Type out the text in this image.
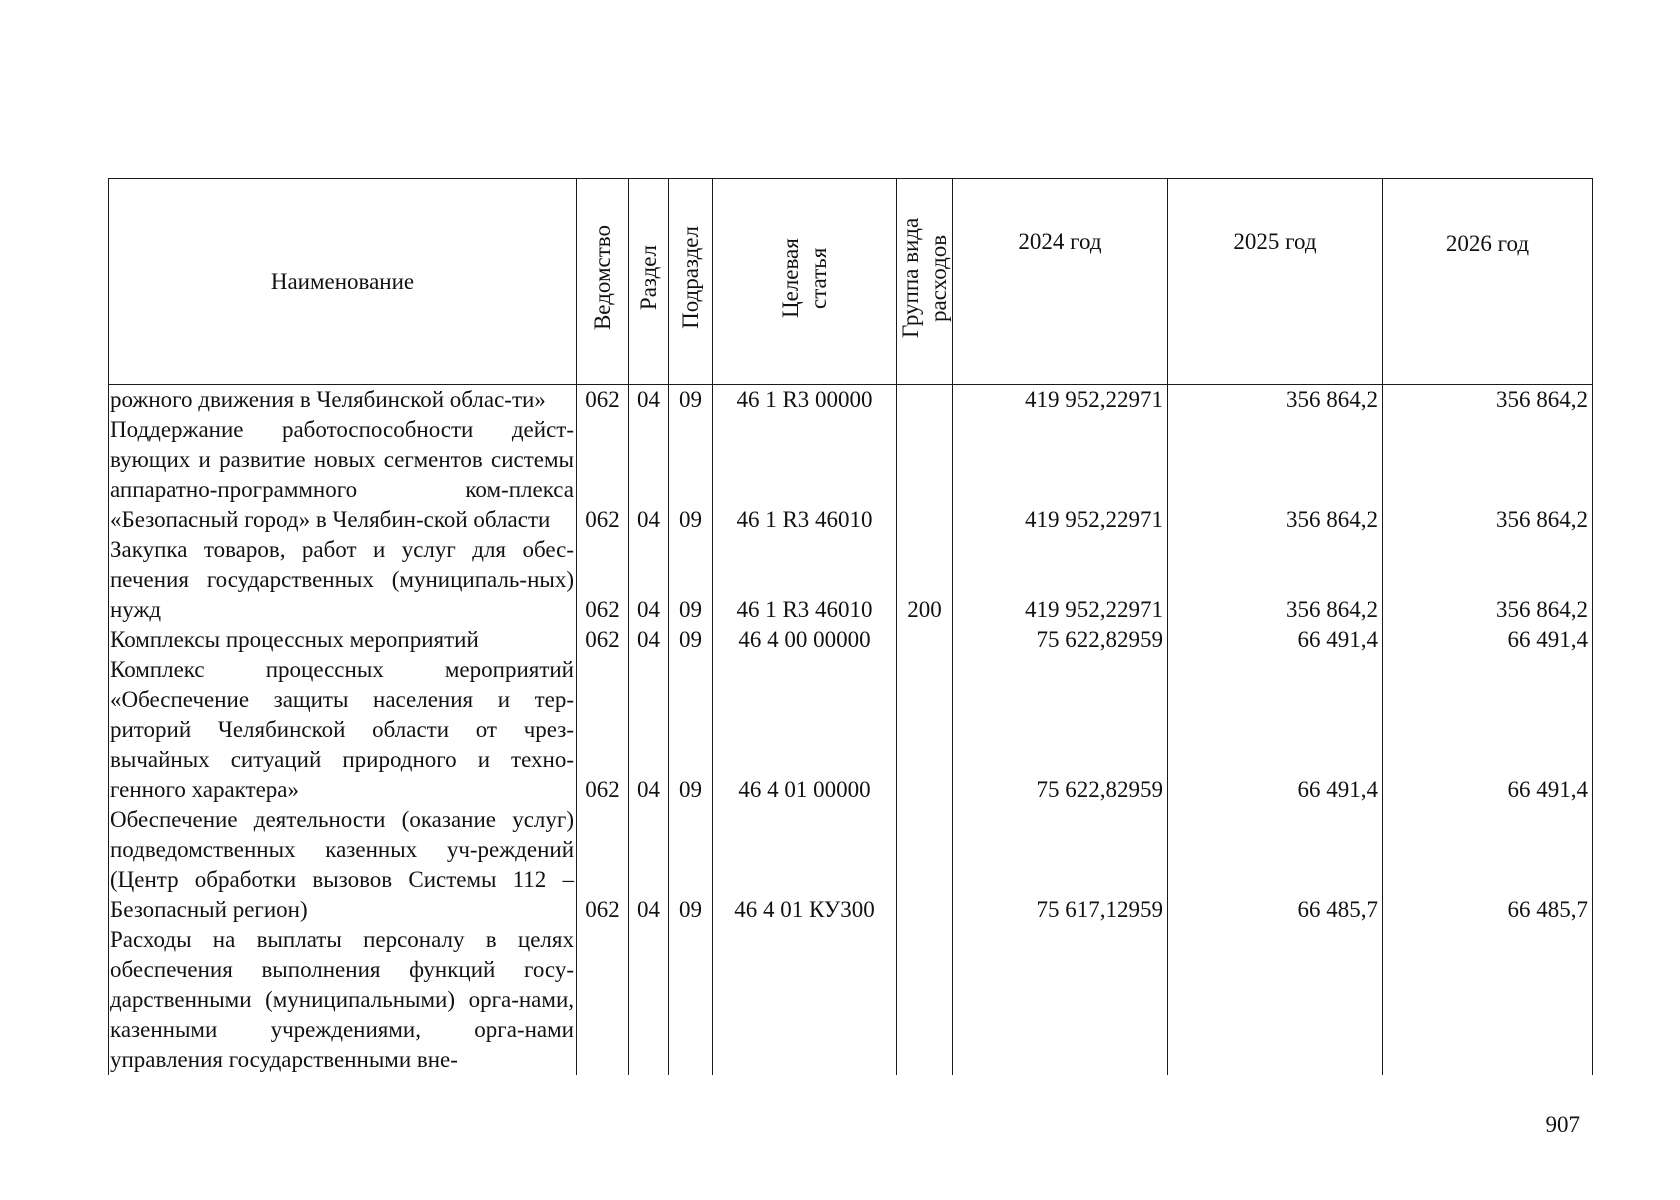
Наименование	Ведомство	Раздел	Подраздел	Целевая статья	Группа вида расходов	2024 год	2025 год	2026 год
рожного движения в Челябинской облас-ти»	062	04	09	46 1 R3 00000		419 952,22971	356 864,2	356 864,2
Поддержание работоспособности дейст-вующих и развитие новых сегментов системы аппаратно-программного ком-плекса «Безопасный город» в Челябин-ской области	062	04	09	46 1 R3 46010		419 952,22971	356 864,2	356 864,2
Закупка товаров, работ и услуг для обес-печения государственных (муниципаль-ных) нужд	062	04	09	46 1 R3 46010	200	419 952,22971	356 864,2	356 864,2
Комплексы процессных мероприятий	062	04	09	46 4 00 00000		75 622,82959	66 491,4	66 491,4
Комплекс процессных мероприятий «Обеспечение защиты населения и тер-риторий Челябинской области от чрез-вычайных ситуаций природного и техно-генного характера»	062	04	09	46 4 01 00000		75 622,82959	66 491,4	66 491,4
Обеспечение деятельности (оказание услуг) подведомственных казенных уч-реждений (Центр обработки вызовов Системы 112 – Безопасный регион)	062	04	09	46 4 01 КУ300		75 617,12959	66 485,7	66 485,7
Расходы на выплаты персоналу в целях обеспечения выполнения функций госу-дарственными (муниципальными) орга-нами, казенными учреждениями, орга-нами управления государственными вне-								
907
